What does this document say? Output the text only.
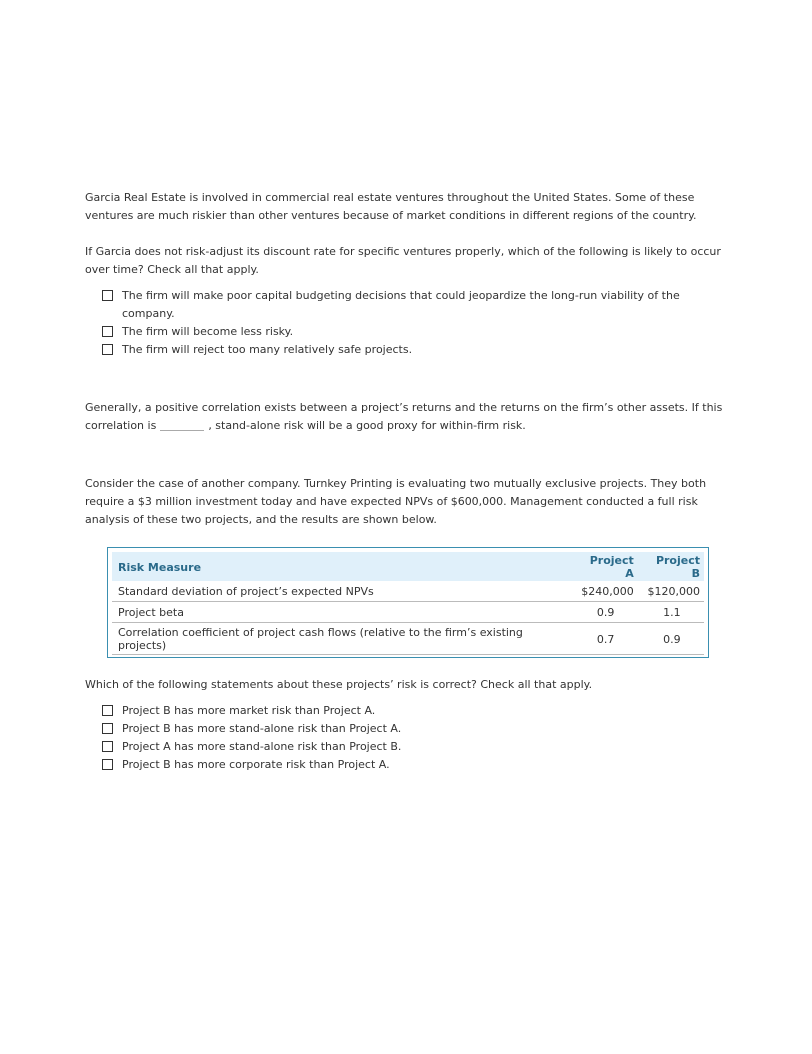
Garcia Real Estate is involved in commercial real estate ventures throughout the United States. Some of these ventures are much riskier than other ventures because of market conditions in different regions of the country.

If Garcia does not risk-adjust its discount rate for specific ventures properly, which of the following is likely to occur over time? Check all that apply.

The firm will make poor capital budgeting decisions that could jeopardize the long-run viability of the company.
The firm will become less risky.
The firm will reject too many relatively safe projects.

Generally, a positive correlation exists between a project’s returns and the returns on the firm’s other assets. If this correlation is	, stand-alone risk will be a good proxy for within-firm risk.

Consider the case of another company. Turnkey Printing is evaluating two mutually exclusive projects. They both require a $3 million investment today and have expected NPVs of $600,000. Management conducted a full risk analysis of these two projects, and the results are shown below.

Risk Measure	Project A	Project B
Standard deviation of project’s expected NPVs	$240,000	$120,000
Project beta	0.9	1.1
Correlation coefficient of project cash flows (relative to the firm’s existing projects)	0.7	0.9

Which of the following statements about these projects’ risk is correct? Check all that apply.

Project B has more market risk than Project A.
Project B has more stand-alone risk than Project A.
Project A has more stand-alone risk than Project B.
Project B has more corporate risk than Project A.
